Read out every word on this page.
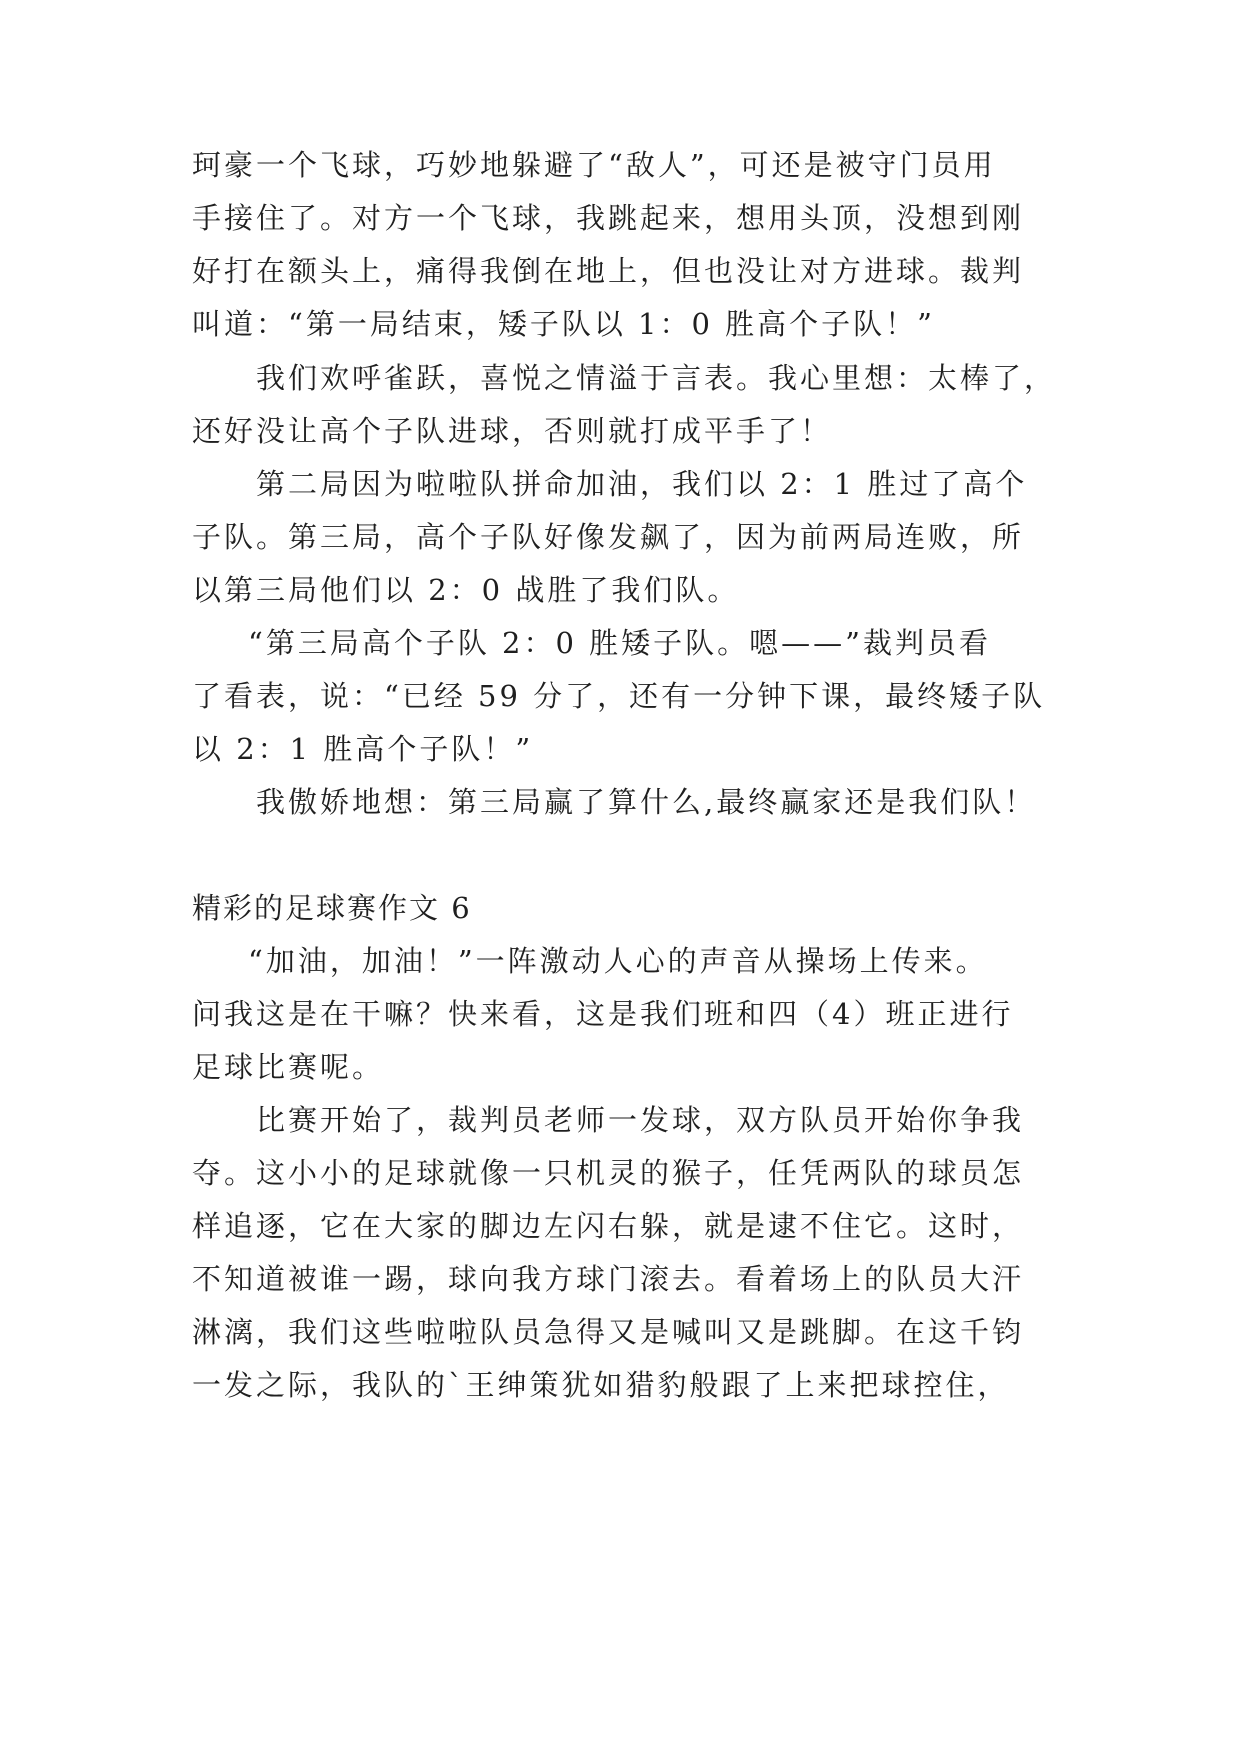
珂豪一个飞球，巧妙地躲避了“敌人”，可还是被守门员用
手接住了。对方一个飞球，我跳起来，想用头顶，没想到刚
好打在额头上，痛得我倒在地上，但也没让对方进球。裁判
叫道：“第一局结束，矮子队以 1：0 胜高个子队！”
我们欢呼雀跃，喜悦之情溢于言表。我心里想：太棒了，
还好没让高个子队进球，否则就打成平手了！
第二局因为啦啦队拼命加油，我们以 2：1 胜过了高个
子队。第三局，高个子队好像发飙了，因为前两局连败，所
以第三局他们以 2：0 战胜了我们队。
“第三局高个子队 2：0 胜矮子队。嗯——”裁判员看
了看表，说：“已经 59 分了，还有一分钟下课，最终矮子队
以 2：1 胜高个子队！”
我傲娇地想：第三局赢了算什么,最终赢家还是我们队！
精彩的足球赛作文 6
“加油，加油！”一阵激动人心的声音从操场上传来。
问我这是在干嘛？快来看，这是我们班和四（4）班正进行
足球比赛呢。
比赛开始了，裁判员老师一发球，双方队员开始你争我
夺。这小小的足球就像一只机灵的猴子，任凭两队的球员怎
样追逐，它在大家的脚边左闪右躲，就是逮不住它。这时，
不知道被谁一踢，球向我方球门滚去。看着场上的队员大汗
淋漓，我们这些啦啦队员急得又是喊叫又是跳脚。在这千钧
一发之际，我队的`王绅策犹如猎豹般跟了上来把球控住，
